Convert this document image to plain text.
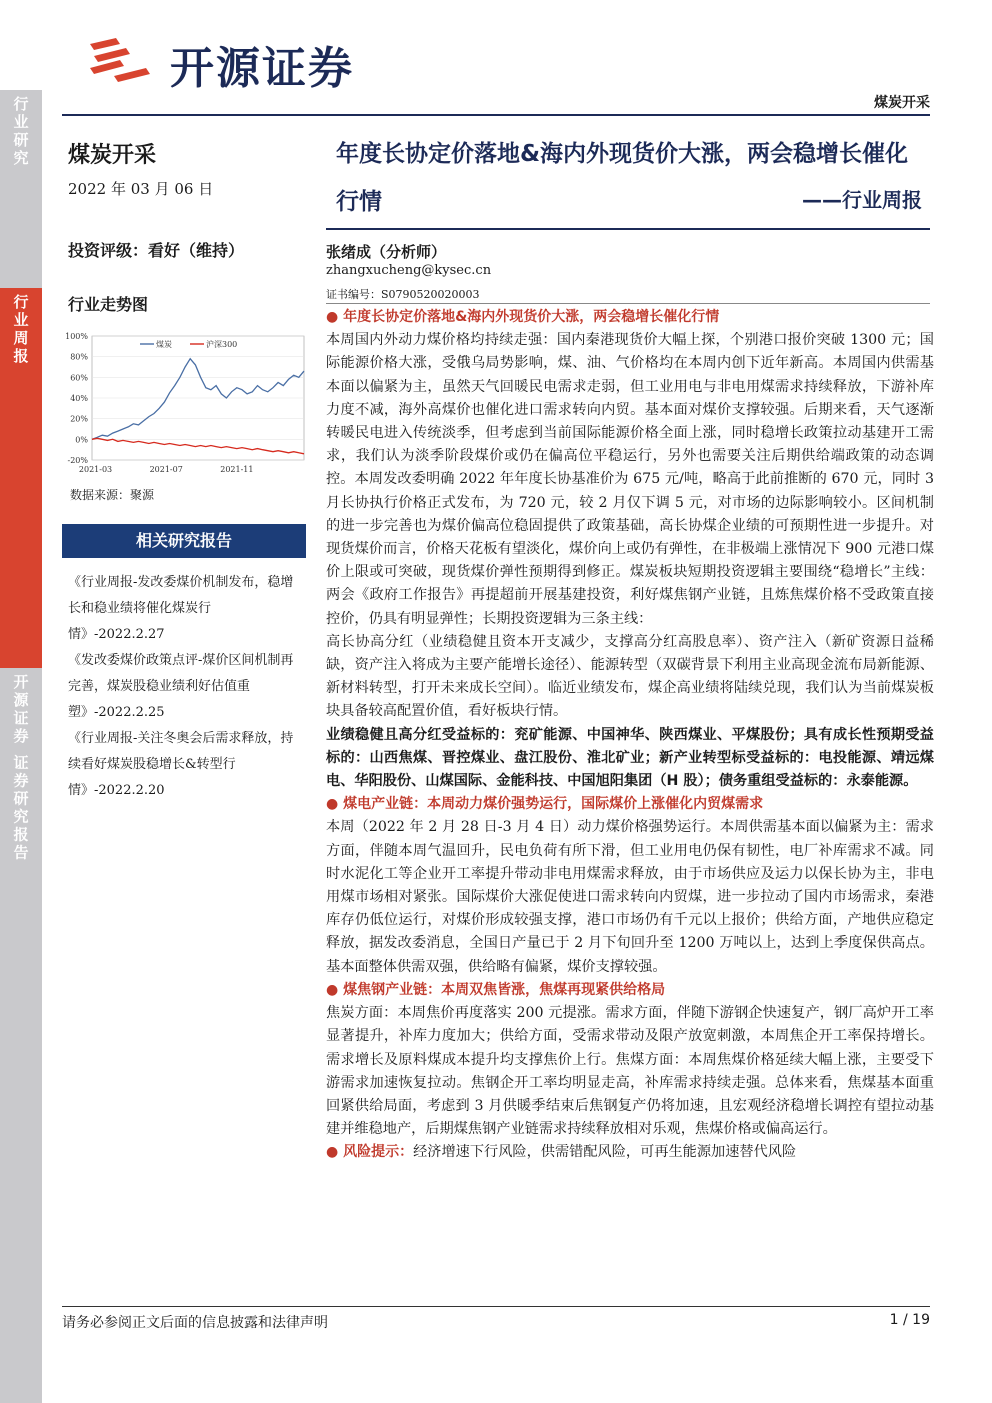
开源证券
煤炭开采
行业研究
行业周报
开源证券 证券研究报告
煤炭开采
2022 年 03 月 06 日
投资评级：看好（维持）
行业走势图
100%
80%
60%
40%
20%
0%
-20%
2021-03	2021-07	2021-11
煤炭	沪深300
数据来源：聚源
相关研究报告
《行业周报-发改委煤价机制发布，稳增长和稳业绩将催化煤炭行情》-2022.2.27
《发改委煤价政策点评-煤价区间机制再完善，煤炭股稳业绩利好估值重塑》-2022.2.25
《行业周报-关注冬奥会后需求释放，持续看好煤炭股稳增长&转型行情》-2022.2.20
年度长协定价落地&海内外现货价大涨，两会稳增长催化行情	——行业周报
张绪成（分析师）
zhangxucheng@kysec.cn
证书编号：S0790520020003
● 年度长协定价落地&海内外现货价大涨，两会稳增长催化行情
本周国内外动力煤价格均持续走强：国内秦港现货价大幅上探，个别港口报价突破 1300 元；国际能源价格大涨，受俄乌局势影响，煤、油、气价格均在本周内创下近年新高。本周国内供需基本面以偏紧为主，虽然天气回暖民电需求走弱，但工业用电与非电用煤需求持续释放，下游补库力度不减，海外高煤价也催化进口需求转向内贸。基本面对煤价支撑较强。后期来看，天气逐渐转暖民电进入传统淡季，但考虑到当前国际能源价格全面上涨，同时稳增长政策拉动基建开工需求，我们认为淡季阶段煤价或仍在偏高位平稳运行，另外也需要关注后期供给端政策的动态调控。本周发改委明确 2022 年年度长协基准价为 675 元/吨，略高于此前推断的 670 元，同时 3 月长协执行价格正式发布，为 720 元，较 2 月仅下调 5 元，对市场的边际影响较小。区间机制的进一步完善也为煤价偏高位稳固提供了政策基础，高长协煤企业绩的可预期性进一步提升。对现货煤价而言，价格天花板有望淡化，煤价向上或仍有弹性，在非极端上涨情况下 900 元港口煤价上限或可突破，现货煤价弹性预期得到修正。煤炭板块短期投资逻辑主要围绕“稳增长”主线：两会《政府工作报告》再提超前开展基建投资，利好煤焦钢产业链，且炼焦煤价格不受政策直接控价，仍具有明显弹性；长期投资逻辑为三条主线：
高长协高分红（业绩稳健且资本开支减少，支撑高分红高股息率）、资产注入（新矿资源日益稀缺，资产注入将成为主要产能增长途径）、能源转型（双碳背景下利用主业高现金流布局新能源、新材料转型，打开未来成长空间）。临近业绩发布，煤企高业绩将陆续兑现，我们认为当前煤炭板块具备较高配置价值，看好板块行情。
业绩稳健且高分红受益标的：兖矿能源、中国神华、陕西煤业、平煤股份；具有成长性预期受益标的：山西焦煤、晋控煤业、盘江股份、淮北矿业；新产业转型标受益标的：电投能源、靖远煤电、华阳股份、山煤国际、金能科技、中国旭阳集团（H 股）；债务重组受益标的：永泰能源。
● 煤电产业链：本周动力煤价强势运行，国际煤价上涨催化内贸煤需求
本周（2022 年 2 月 28 日-3 月 4 日）动力煤价格强势运行。本周供需基本面以偏紧为主：需求方面，伴随本周气温回升，民电负荷有所下滑，但工业用电仍保有韧性，电厂补库需求不减。同时水泥化工等企业开工率提升带动非电用煤需求释放，由于市场供应及运力以保长协为主，非电用煤市场相对紧张。国际煤价大涨促使进口需求转向内贸煤，进一步拉动了国内市场需求，秦港库存仍低位运行，对煤价形成较强支撑，港口市场仍有千元以上报价；供给方面，产地供应稳定释放，据发改委消息，全国日产量已于 2 月下旬回升至 1200 万吨以上，达到上季度保供高点。基本面整体供需双强，供给略有偏紧，煤价支撑较强。
● 煤焦钢产业链：本周双焦皆涨，焦煤再现紧供给格局
焦炭方面：本周焦价再度落实 200 元提涨。需求方面，伴随下游钢企快速复产，钢厂高炉开工率显著提升，补库力度加大；供给方面，受需求带动及限产放宽刺激，本周焦企开工率保持增长。需求增长及原料煤成本提升均支撑焦价上行。焦煤方面：本周焦煤价格延续大幅上涨，主要受下游需求加速恢复拉动。焦钢企开工率均明显走高，补库需求持续走强。总体来看，焦煤基本面重回紧供给局面，考虑到 3 月供暖季结束后焦钢复产仍将加速，且宏观经济稳增长调控有望拉动基建并维稳地产，后期煤焦钢产业链需求持续释放相对乐观，焦煤价格或偏高运行。
● 风险提示：经济增速下行风险，供需错配风险，可再生能源加速替代风险
请务必参阅正文后面的信息披露和法律声明	1 / 19
